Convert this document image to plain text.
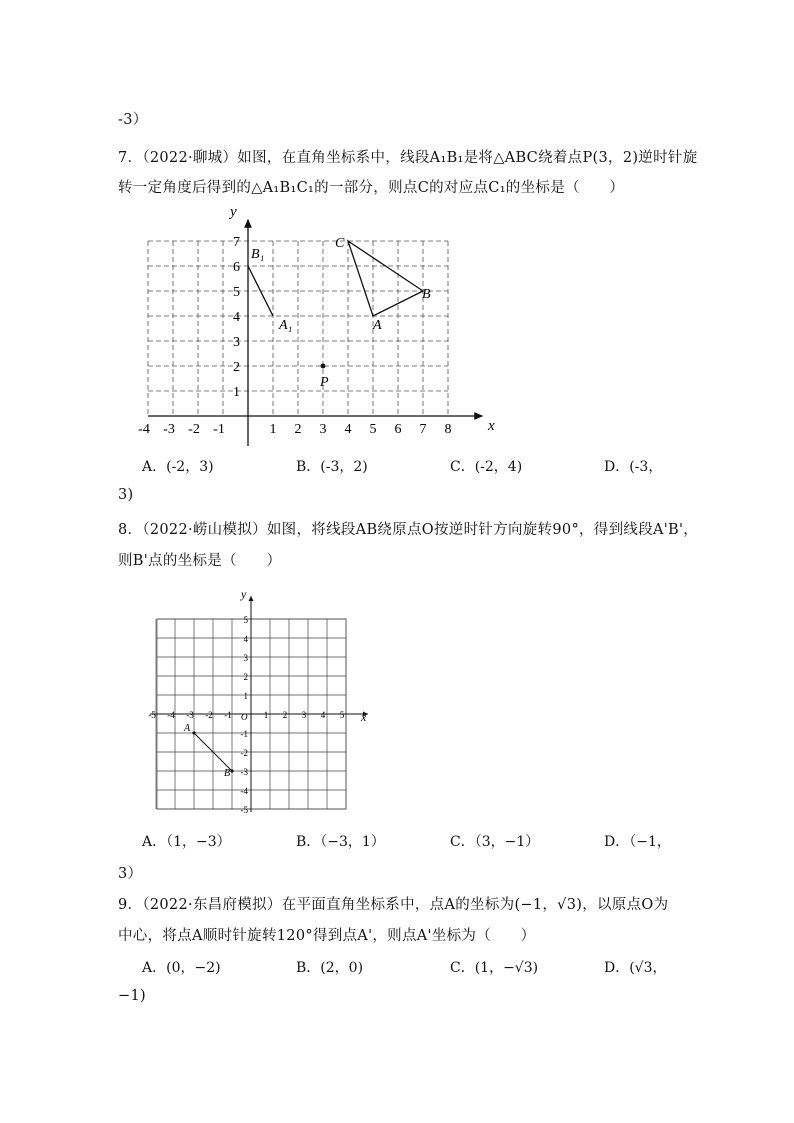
-3）
7．（2022·聊城）如图，在直角坐标系中，线段A₁B₁是将△ABC绕着点P(3，2)逆时针旋
转一定角度后得到的△A₁B₁C₁的一部分，则点C的对应点C₁的坐标是（　　）
x
y
-4 -3 -2 -1	1 2 3 4 5 6 7 8
1
2
3
4
5
6
7	C
B
A
B₁
A₁
P
A．(-2，3)	B．(-3，2)	C．(-2，4)	D．(-3，
3)
8．（2022·崂山模拟）如图，将线段AB绕原点O按逆时针方向旋转90°，得到线段A'B'，
则B'点的坐标是（　　）
x
y
O
-5 -4 -3 -2 -1	1 2 3 4 5
1
2
3
4
5
-1
-2
-3
-4
-5
A
B
A．（1，−3）	B．（−3，1）	C．（3，−1）	D．（−1，
3）
9．（2022·东昌府模拟）在平面直角坐标系中，点A的坐标为(−1，√3)，以原点O为
中心，将点A顺时针旋转120°得到点A'，则点A'坐标为（　　）
A．(0，−2)	B．(2，0)	C．(1，−√3)	D．(√3，
−1)
